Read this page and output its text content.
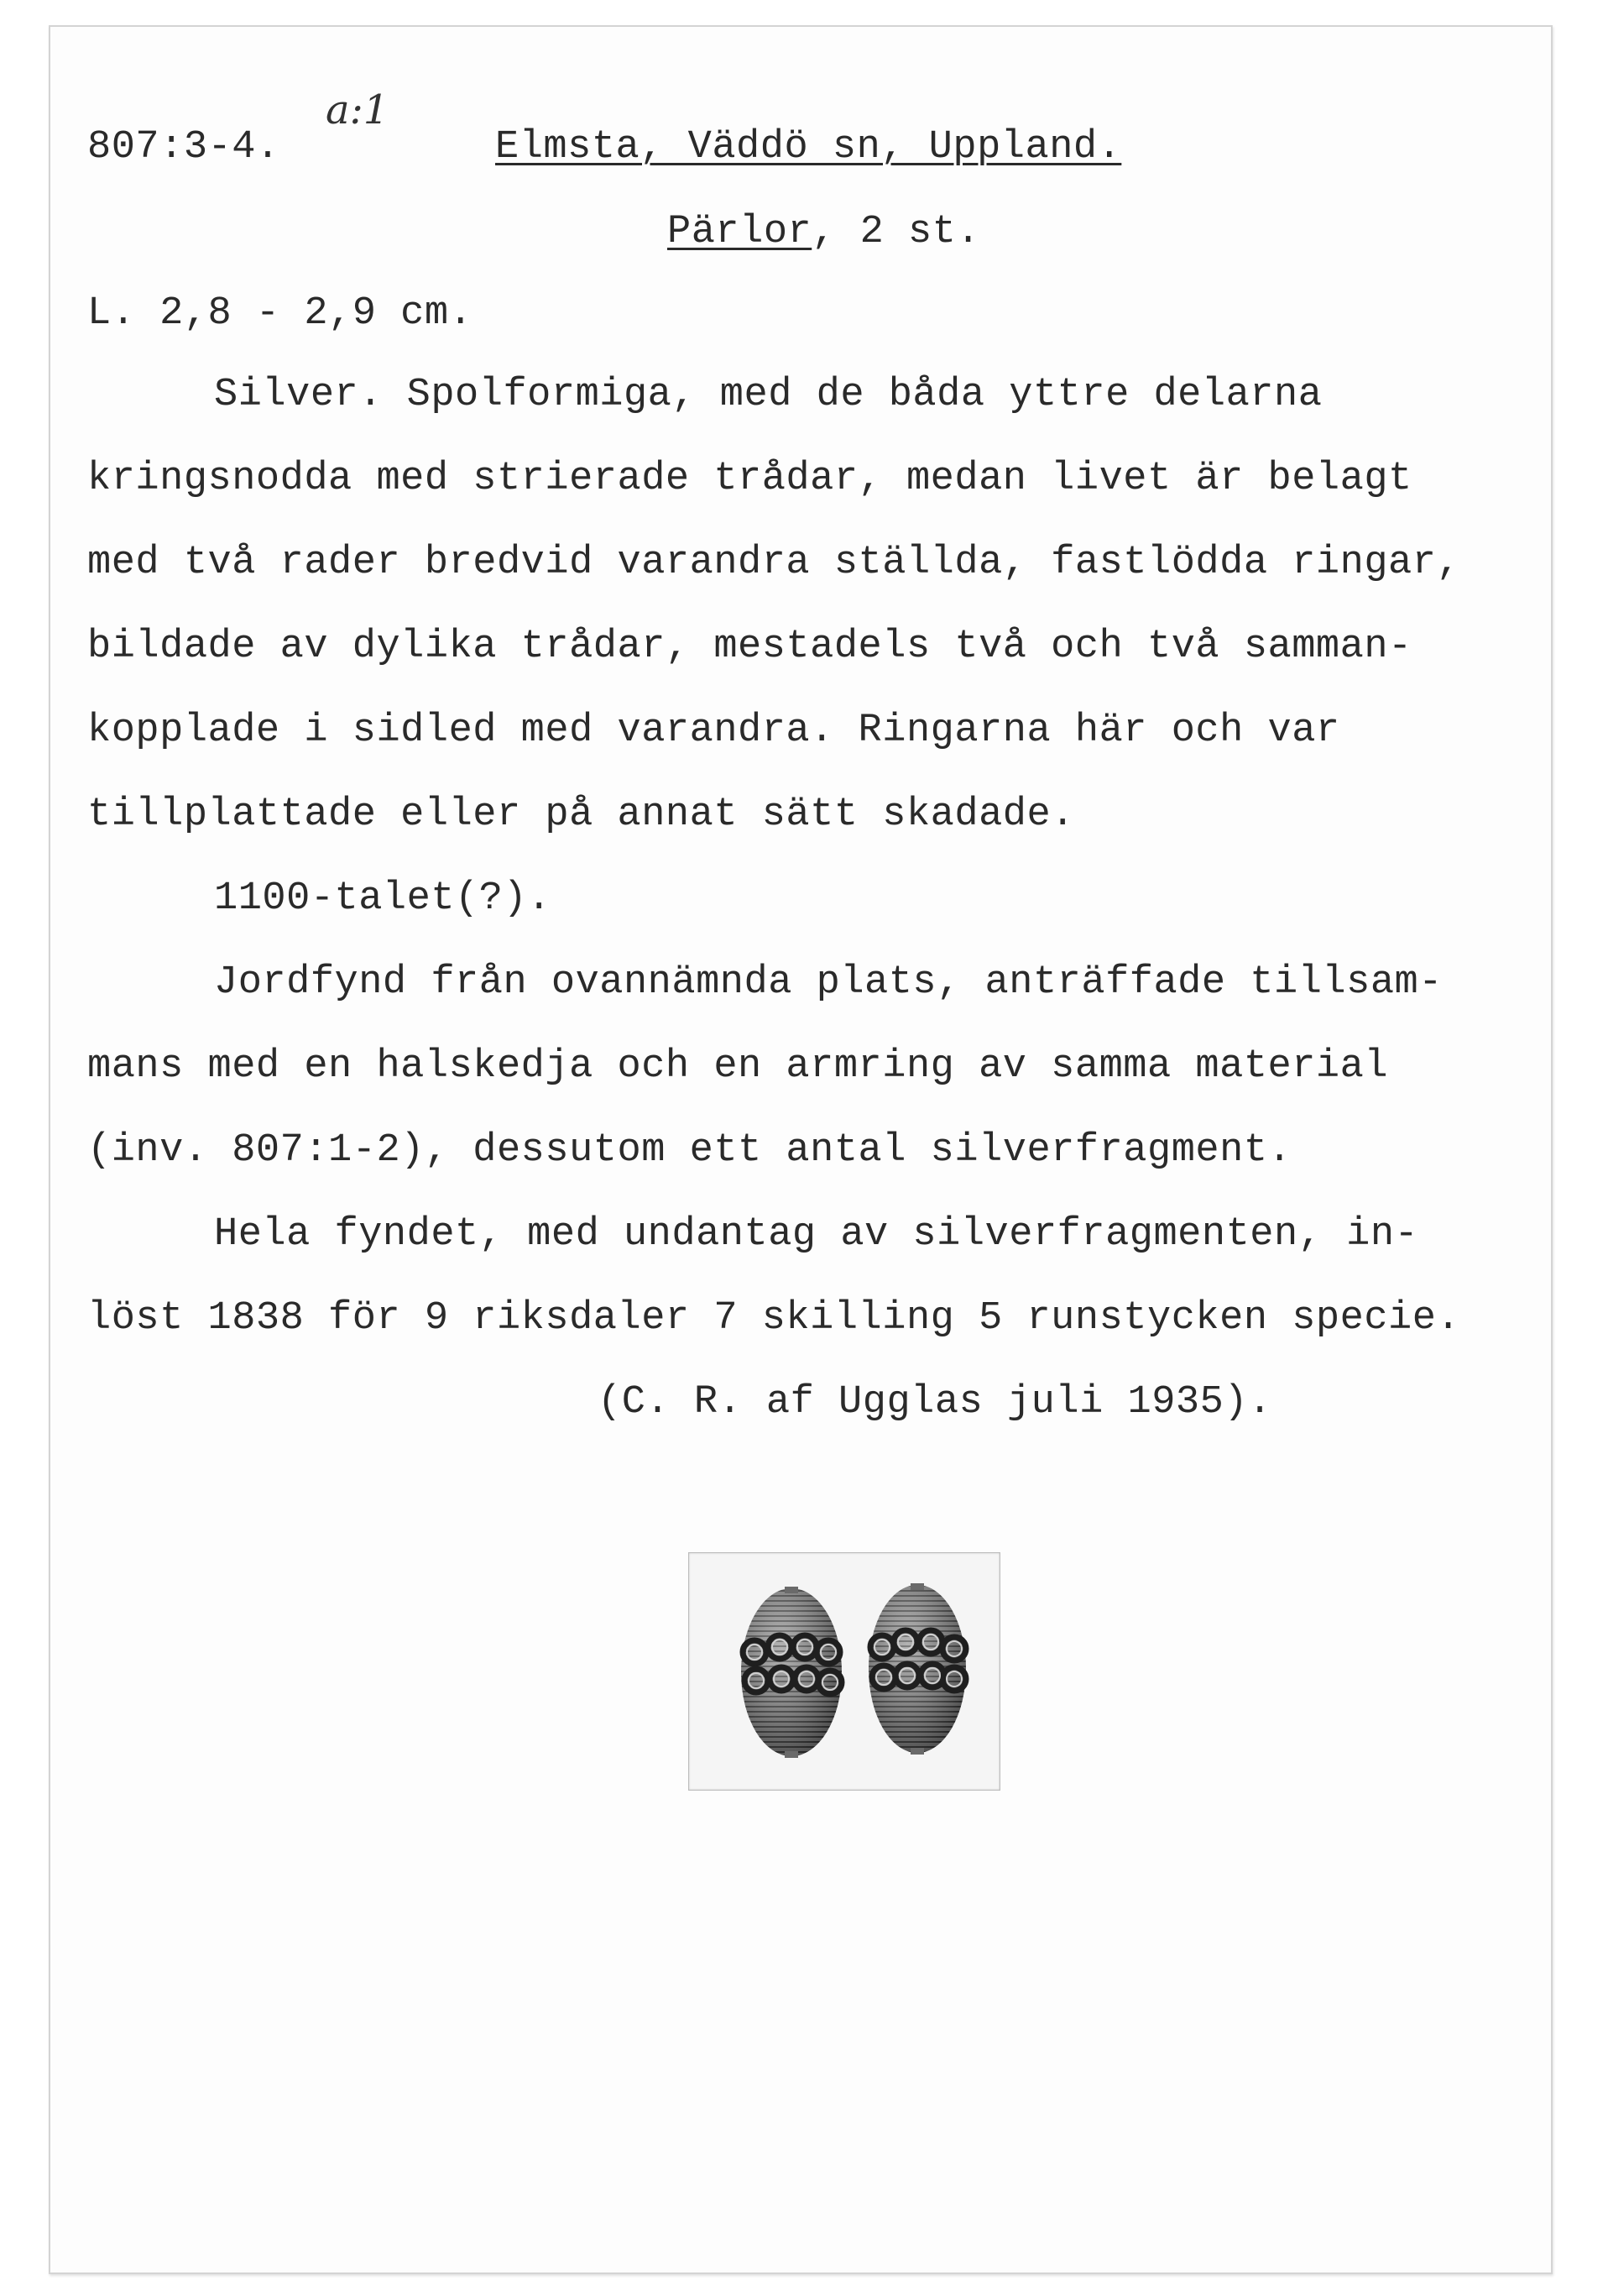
a:1
807:3-4.	Elmsta, Väddö sn, Uppland.
Pärlor, 2 st.
L. 2,8 - 2,9 cm.
Silver. Spolformiga, med de båda yttre delarna
kringsnodda med strierade trådar, medan livet är belagt
med två rader bredvid varandra ställda, fastlödda ringar,
bildade av dylika trådar, mestadels två och två samman-
kopplade i sidled med varandra. Ringarna här och var
tillplattade eller på annat sätt skadade.
1100-talet(?).
Jordfynd från ovannämnda plats, anträffade tillsam-
mans med en halskedja och en armring av samma material
(inv. 807:1-2), dessutom ett antal silverfragment.
Hela fyndet, med undantag av silverfragmenten, in-
löst 1838 för 9 riksdaler 7 skilling 5 runstycken specie.
(C. R. af Ugglas juli 1935).
